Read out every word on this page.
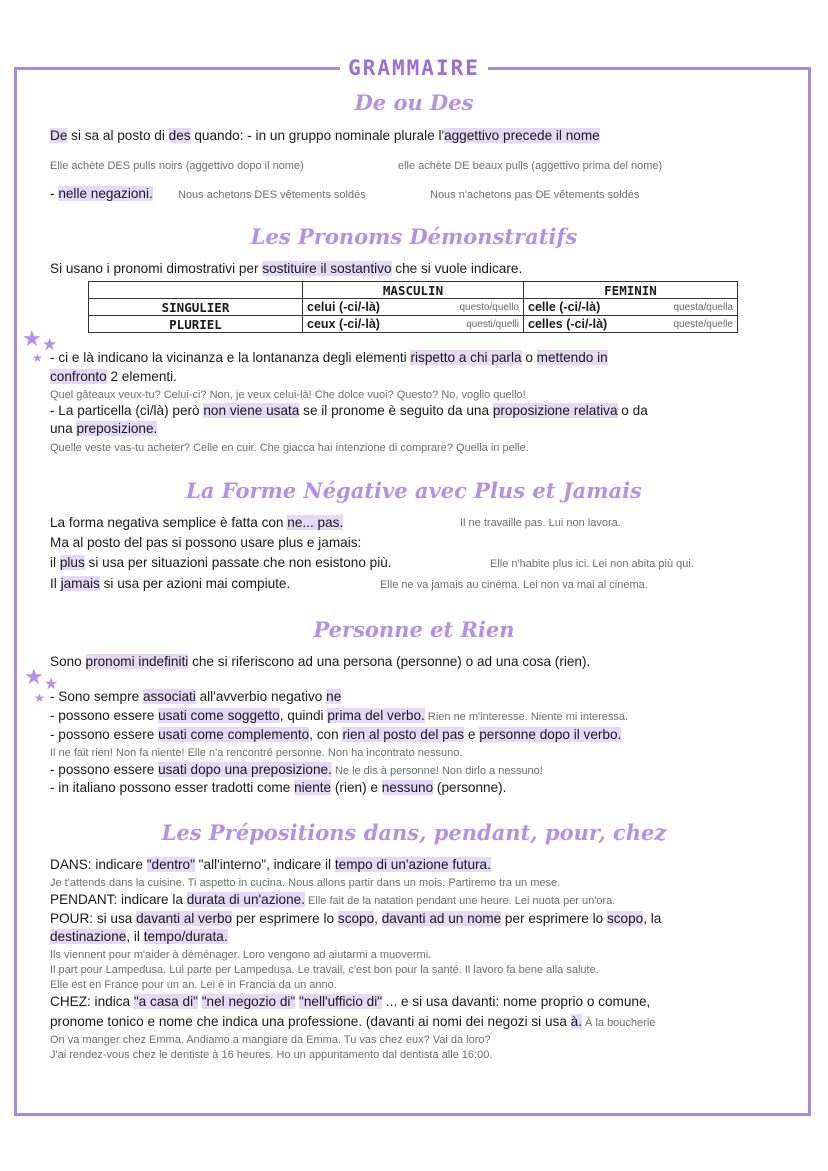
GRAMMAIRE
De ou Des
De si sa al posto di des quando: - in un gruppo nominale plurale l'aggettivo precede il nome
Elle achète DES pulls noirs (aggettivo dopo il nome)	elle achète DE beaux pulls (aggettivo prima del nome)
- nelle negazioni. Nous achetons DES vêtements soldés	Nous n'achetons pas DE vêtements soldés
Les Pronoms Démonstratifs
Si usano i pronomi dimostrativi per sostituire il sostantivo che si vuole indicare.
	MASCULIN	FEMININ
SINGULIER	celui (-ci/-là) questo/quello	celle (-ci/-là) questa/quella

PLURIEL	ceux (-ci/-là) questi/quelli	celles (-ci/-là) queste/quelle
★ ★
★ - ci e là indicano la vicinanza e la lontananza degli elementi rispetto a chi parla o mettendo in
confronto 2 elementi.
Quel gâteaux veux-tu? Celui-ci? Non, je veux celui-là! Che dolce vuoi? Questo? No, voglio quello!
- La particella (ci/là) però non viene usata se il pronome è seguito da una proposizione relativa o da
una preposizione.
Quelle veste vas-tu acheter? Celle en cuir. Che giacca hai intenzione di comprare? Quella in pelle.
La Forme Négative avec Plus et Jamais
La forma negativa semplice è fatta con ne... pas.	Il ne travaille pas. Lui non lavora.
Ma al posto del pas si possono usare plus e jamais:
il plus si usa per situazioni passate che non esistono più.	Elle n'habite plus ici. Lei non abita più qui.
Il jamais si usa per azioni mai compiute.	Elle ne va jamais au cinéma. Lei non va mai al cinema.
Personne et Rien
Sono pronomi indefiniti che si riferiscono ad una persona (personne) o ad una cosa (rien).
★ ★
★ - Sono sempre associati all'avverbio negativo ne
- possono essere usati come soggetto, quindi prima del verbo. Rien ne m'interesse. Niente mi interessa.
- possono essere usati come complemento, con rien al posto del pas e personne dopo il verbo.
Il ne fait rien! Non fa niente! Elle n'a rencontré personne. Non ha incontrato nessuno.
- possono essere usati dopo una preposizione. Ne le dis à personne! Non dirlo a nessuno!
- in italiano possono esser tradotti come niente (rien) e nessuno (personne).
Les Prépositions dans, pendant, pour, chez
DANS: indicare "dentro" "all'interno", indicare il tempo di un'azione futura.
Je t'attends dans la cuisine. Ti aspetto in cucina. Nous allons partir dans un mois. Partiremo tra un mese.
PENDANT: indicare la durata di un'azione. Elle fait de la natation pendant une heure. Lei nuota per un'ora.
POUR: si usa davanti al verbo per esprimere lo scopo, davanti ad un nome per esprimere lo scopo, la
destinazione, il tempo/durata.
Ils viennent pour m'aider à déménager. Loro vengono ad aiutarmi a muovermi.
Il part pour Lampedusa. Lui parte per Lampedusa. Le travail, c'est bon pour la santé. Il lavoro fa bene alla salute.
Elle est en France pour un an. Lei è in Francia da un anno.
CHEZ: indica "a casa di" "nel negozio di" "nell'ufficio di" ... e si usa davanti: nome proprio o comune,
pronome tonico e nome che indica una professione. (davanti ai nomi dei negozi si usa à. À la boucherie
On va manger chez Emma. Andiamo a mangiare da Emma. Tu vas chez eux? Vai da loro?
J'ai rendez-vous chez le dentiste à 16 heures. Ho un appuntamento dal dentista alle 16:00.
